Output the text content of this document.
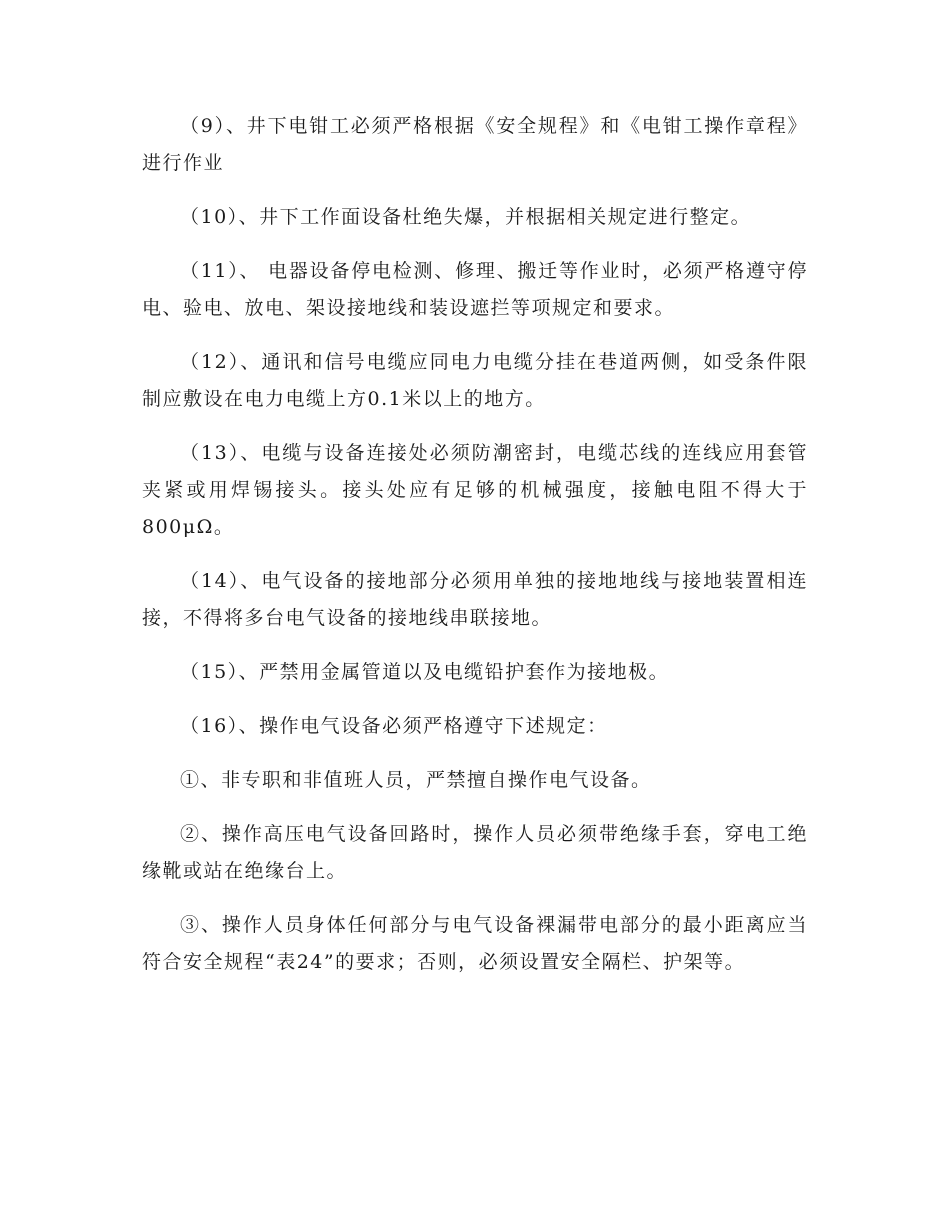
（9）、井下电钳工必须严格根据《安全规程》和《电钳工操作章程》进行作业

（10）、井下工作面设备杜绝失爆，并根据相关规定进行整定。

（11）、 电器设备停电检测、修理、搬迁等作业时，必须严格遵守停电、验电、放电、架设接地线和装设遮拦等项规定和要求。

（12）、通讯和信号电缆应同电力电缆分挂在巷道两侧，如受条件限制应敷设在电力电缆上方0.1米以上的地方。

（13）、电缆与设备连接处必须防潮密封，电缆芯线的连线应用套管夹紧或用焊锡接头。接头处应有足够的机械强度，接触电阻不得大于800μΩ。

（14）、电气设备的接地部分必须用单独的接地地线与接地装置相连接，不得将多台电气设备的接地线串联接地。

（15）、严禁用金属管道以及电缆铅护套作为接地极。

（16）、操作电气设备必须严格遵守下述规定：

①、非专职和非值班人员，严禁擅自操作电气设备。

②、操作高压电气设备回路时，操作人员必须带绝缘手套，穿电工绝缘靴或站在绝缘台上。

③、操作人员身体任何部分与电气设备裸漏带电部分的最小距离应当符合安全规程“表24”的要求；否则，必须设置安全隔栏、护架等。
